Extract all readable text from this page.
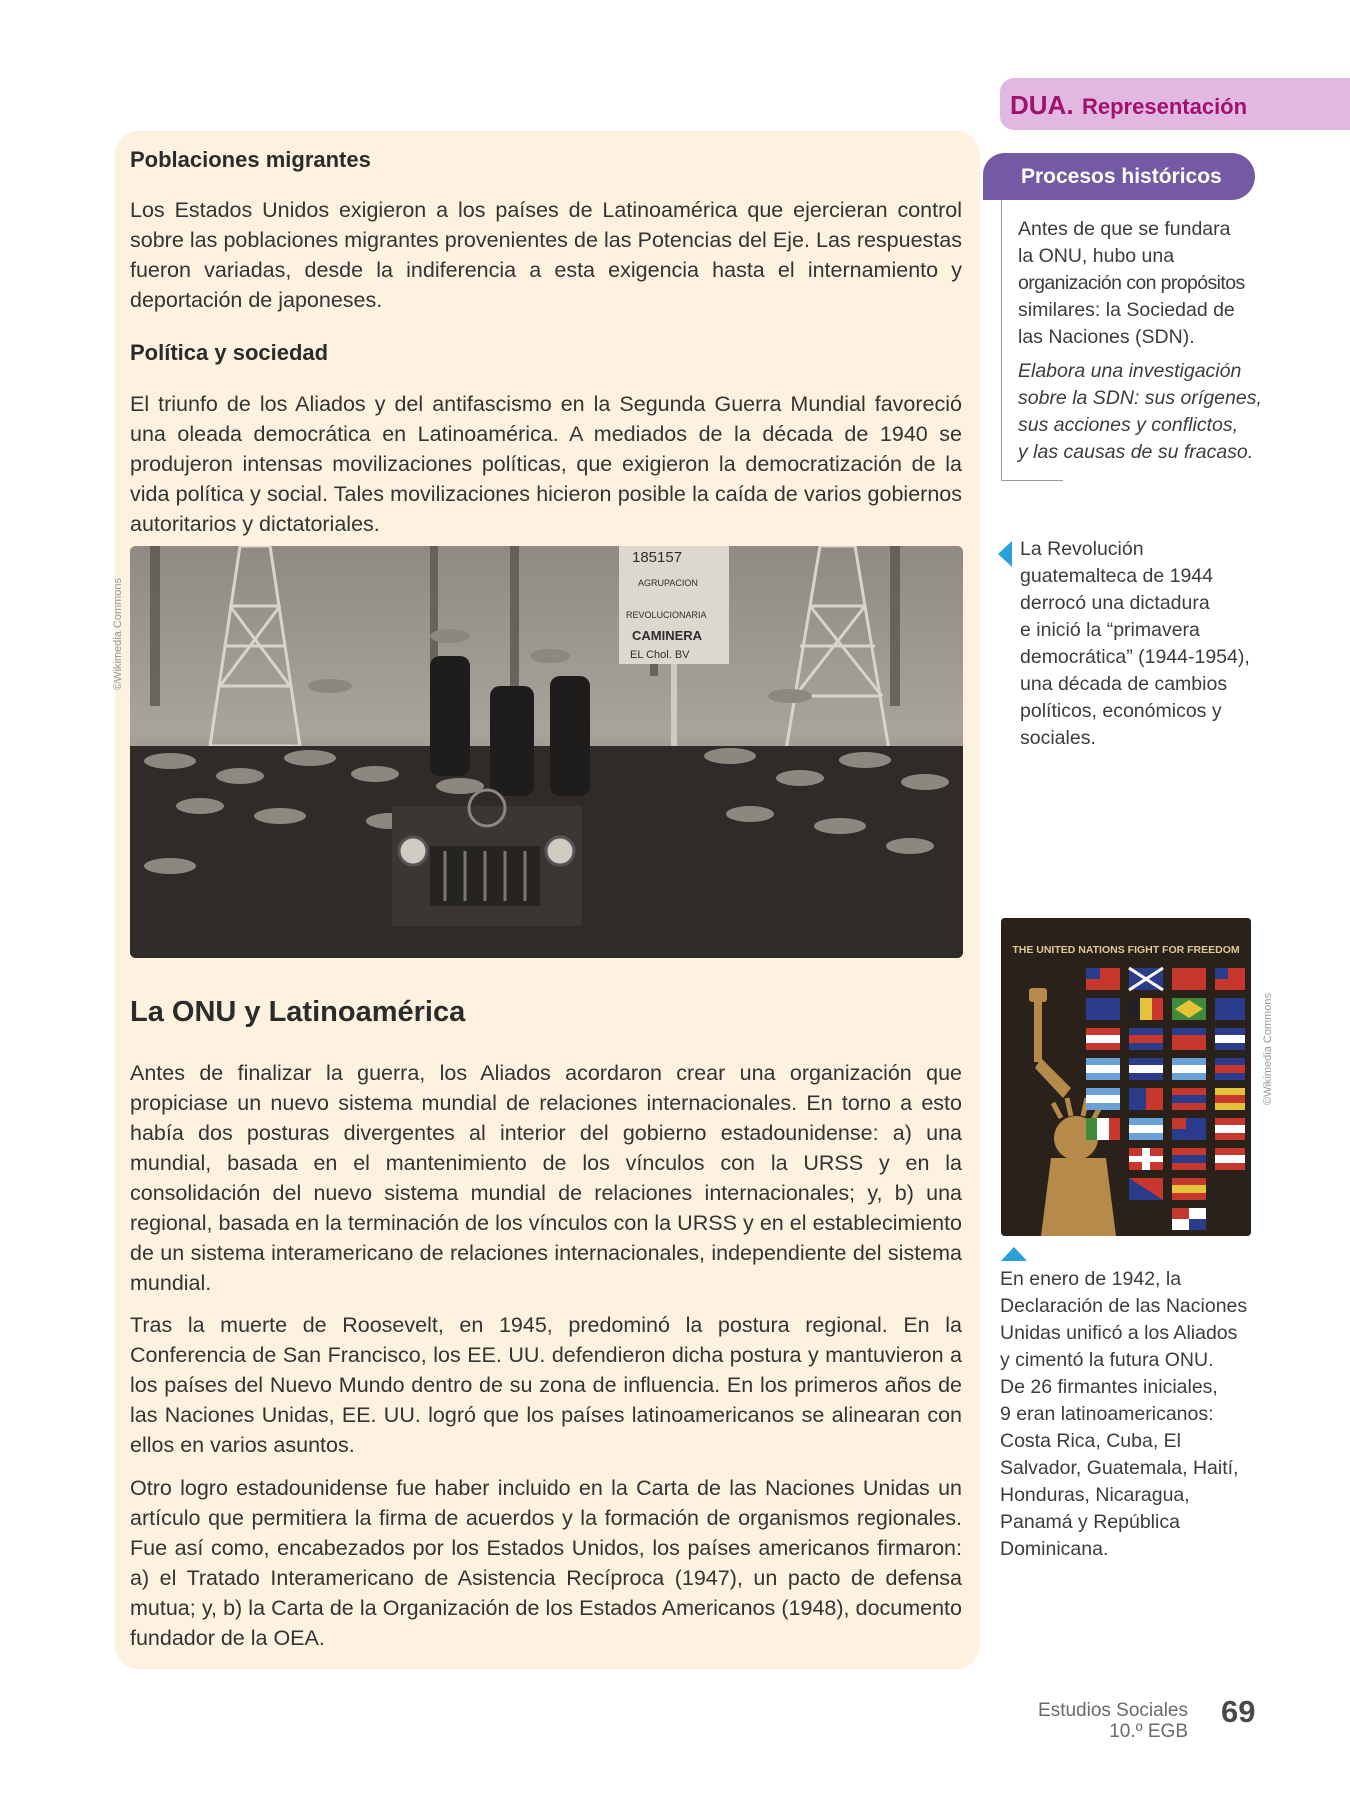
Poblaciones migrantes

Los Estados Unidos exigieron a los países de Latinoamérica que ejercieran control sobre las poblaciones migrantes provenientes de las Potencias del Eje. Las respuestas fueron variadas, desde la indiferencia a esta exigencia hasta el internamiento y deportación de japoneses.

Política y sociedad

El triunfo de los Aliados y del antifascismo en la Segunda Guerra Mundial favoreció una oleada democrática en Latinoamérica. A mediados de la década de 1940 se produjeron intensas movilizaciones políticas, que exigieron la democratización de la vida política y social. Tales movilizaciones hicieron posible la caída de varios gobiernos autoritarios y dictatoriales.

185157
AGRUPACION
REVOLUCIONARIA
CAMINERA
EL Chol. BV
©Wikimedia Commons
La ONU y Latinoamérica

Antes de finalizar la guerra, los Aliados acordaron crear una organización que propiciase un nuevo sistema mundial de relaciones internacionales. En torno a esto había dos posturas divergentes al interior del gobierno estadounidense: a) una mundial, basada en el mantenimiento de los vínculos con la URSS y en la consolidación del nuevo sistema mundial de relaciones internacionales; y, b) una regional, basada en la terminación de los vínculos con la URSS y en el establecimiento de un sistema interamericano de relaciones internacionales, independiente del sistema mundial.

Tras la muerte de Roosevelt, en 1945, predominó la postura regional. En la Conferencia de San Francisco, los EE. UU. defendieron dicha postura y mantuvieron a los países del Nuevo Mundo dentro de su zona de influencia. En los primeros años de las Naciones Unidas, EE. UU. logró que los países latinoamericanos se alinearan con ellos en varios asuntos.

Otro logro estadounidense fue haber incluido en la Carta de las Naciones Unidas un artículo que permitiera la firma de acuerdos y la formación de organismos regionales. Fue así como, encabezados por los Estados Unidos, los países americanos firmaron: a) el Tratado Interamericano de Asistencia Recíproca (1947), un pacto de defensa mutua; y, b) la Carta de la Organización de los Estados Americanos (1948), documento fundador de la OEA.

DUA. Representación
Procesos históricos
Antes de que se fundara
la ONU, hubo una
organización con propósitos
similares: la Sociedad de
las Naciones (SDN).
Elabora una investigación
sobre la SDN: sus orígenes,
sus acciones y conflictos,
y las causas de su fracaso.
La Revolución
guatemalteca de 1944
derrocó una dictadura
e inició la “primavera
democrática” (1944-1954),
una década de cambios
políticos, económicos y
sociales.
THE UNITED NATIONS FIGHT FOR FREEDOM
©Wikimedia Commons
En enero de 1942, la
Declaración de las Naciones
Unidas unificó a los Aliados
y cimentó la futura ONU.
De 26 firmantes iniciales,
9 eran latinoamericanos:
Costa Rica, Cuba, El
Salvador, Guatemala, Haití,
Honduras, Nicaragua,
Panamá y República
Dominicana.
Estudios Sociales
10.º EGB
69
